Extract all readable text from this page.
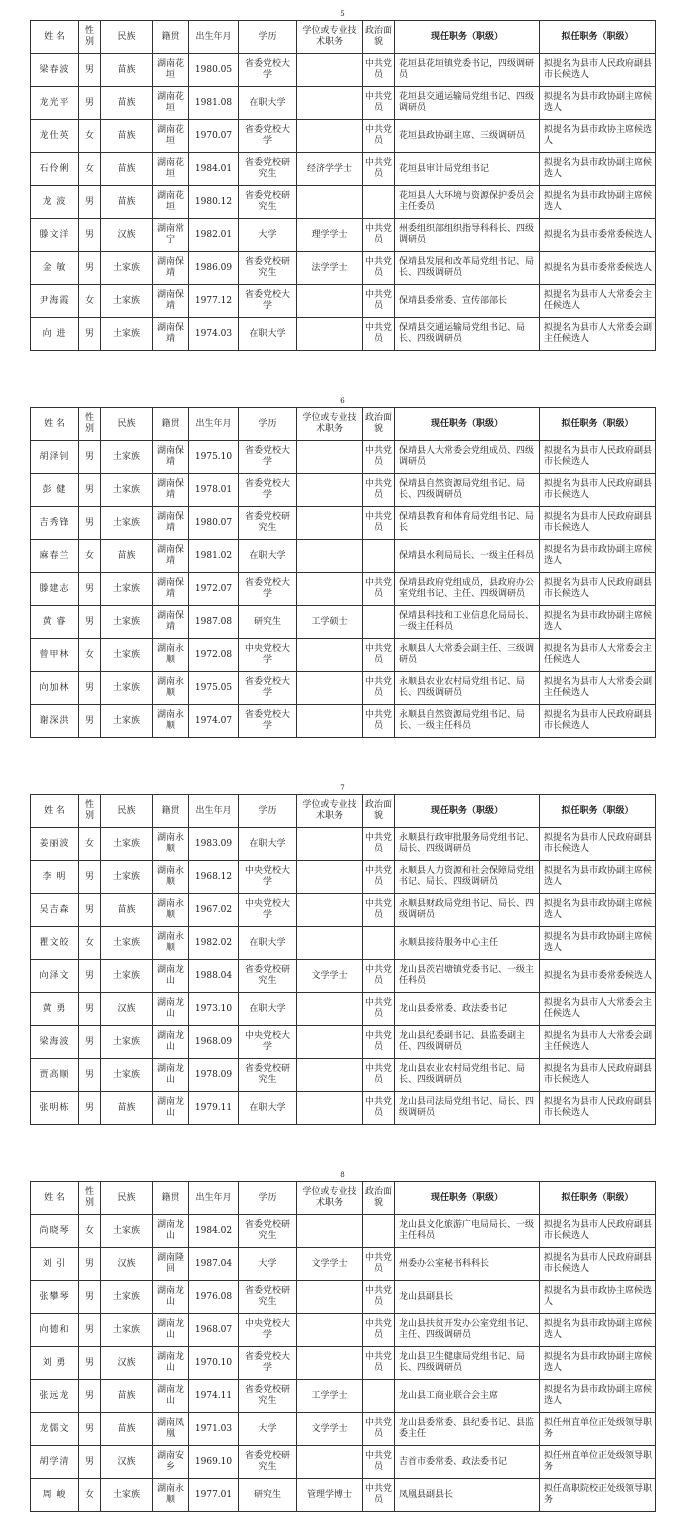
5
姓 名	性别	民族	籍贯	出生年月	学历	学位或专业技术职务	政治面貌	现任职务（职级）	拟任职务（职级）
梁春波	男	苗族	湖南花垣	1980.05	省委党校大学		中共党员	花垣县花垣镇党委书记，四级调研员	拟提名为县市人民政府副县市长候选人
龙光平	男	苗族	湖南花垣	1981.08	在职大学		中共党员	花垣县交通运输局党组书记、四级调研员	拟提名为县市政协副主席候选人
龙仕英	女	苗族	湖南花垣	1970.07	省委党校大学		中共党员	花垣县政协副主席、三级调研员	拟提名为县市政协主席候选人
石伶俐	女	苗族	湖南花垣	1984.01	省委党校研究生	经济学学士	中共党员	花垣县审计局党组书记	拟提名为县市政协副主席候选人
龙 波	男	苗族	湖南花垣	1980.12	省委党校研究生			花垣县人大环境与资源保护委员会主任委员	拟提名为县市政协副主席候选人
滕文洋	男	汉族	湖南常宁	1982.01	大学	理学学士	中共党员	州委组织部组织指导科科长、四级调研员	拟提名为县市委常委候选人
金 敏	男	土家族	湖南保靖	1986.09	省委党校研究生	法学学士	中共党员	保靖县发展和改革局党组书记、局长、四级调研员	拟提名为县市委常委候选人
尹海霞	女	土家族	湖南保靖	1977.12	省委党校大学		中共党员	保靖县委常委、宣传部部长	拟提名为县市人大常委会主任候选人
向 进	男	土家族	湖南保靖	1974.03	在职大学		中共党员	保靖县交通运输局党组书记、局长、四级调研员	拟提名为县市人大常委会副主任候选人
6
姓 名	性别	民族	籍贯	出生年月	学历	学位或专业技术职务	政治面貌	现任职务（职级）	拟任职务（职级）
胡泽钊	男	土家族	湖南保靖	1975.10	省委党校大学		中共党员	保靖县人大常委会党组成员、四级调研员	拟提名为县市人民政府副县市长候选人
彭 健	男	土家族	湖南保靖	1978.01	省委党校大学		中共党员	保靖县自然资源局党组书记、局长、四级调研员	拟提名为县市人民政府副县市长候选人
吉秀锋	男	土家族	湖南保靖	1980.07	省委党校研究生		中共党员	保靖县教育和体育局党组书记、局长	拟提名为县市人民政府副县市长候选人
麻春兰	女	苗族	湖南保靖	1981.02	在职大学			保靖县水利局局长、一级主任科员	拟提名为县市政协副主席候选人
滕建志	男	土家族	湖南保靖	1972.07	省委党校大学		中共党员	保靖县政府党组成员，县政府办公室党组书记、主任、四级调研员	拟提名为县市人民政府副县市长候选人
黄 睿	男	土家族	湖南保靖	1987.08	研究生	工学硕士		保靖县科技和工业信息化局局长、一级主任科员	拟提名为县市政协副主席候选人
曾甲林	女	土家族	湖南永顺	1972.08	中央党校大学		中共党员	永顺县人大常委会副主任、三级调研员	拟提名为县市人大常委会主任候选人
向加林	男	土家族	湖南永顺	1975.05	省委党校大学		中共党员	永顺县农业农村局党组书记、局长、四级调研员	拟提名为县市人大常委会副主任候选人
谢深洪	男	土家族	湖南永顺	1974.07	省委党校大学		中共党员	永顺县自然资源局党组书记、局长、一级主任科员	拟提名为县市人民政府副县市长候选人
7
姓 名	性别	民族	籍贯	出生年月	学历	学位或专业技术职务	政治面貌	现任职务（职级）	拟任职务（职级）
姜丽波	女	土家族	湖南永顺	1983.09	在职大学		中共党员	永顺县行政审批服务局党组书记、局长、四级调研员	拟提名为县市人民政府副县市长候选人
李 明	男	土家族	湖南永顺	1968.12	中央党校大学		中共党员	永顺县人力资源和社会保障局党组书记、局长、四级调研员	拟提名为县市政协副主席候选人
吴吉森	男	苗族	湖南永顺	1967.02	中央党校大学		中共党员	永顺县财政局党组书记、局长、四级调研员	拟提名为县市政协副主席候选人
瞿文皎	女	土家族	湖南永顺	1982.02	在职大学			永顺县接待服务中心主任	拟提名为县市政协副主席候选人
向泽文	男	土家族	湖南龙山	1988.04	省委党校研究生	文学学士	中共党员	龙山县茨岩塘镇党委书记、一级主任科员	拟提名为县市委常委候选人
黄 勇	男	汉族	湖南龙山	1973.10	在职大学		中共党员	龙山县委常委、政法委书记	拟提名为县市人大常委会主任候选人
梁海波	男	土家族	湖南龙山	1968.09	中央党校大学		中共党员	龙山县纪委副书记、县监委副主任、四级调研员	拟提名为县市人大常委会副主任候选人
贾高顺	男	土家族	湖南龙山	1978.09	省委党校研究生		中共党员	龙山县农业农村局党组书记、局长、四级调研员	拟提名为县市人民政府副县市长候选人
张明栋	男	苗族	湖南龙山	1979.11	在职大学		中共党员	龙山县司法局党组书记、局长、四级调研员	拟提名为县市人民政府副县市长候选人
8
姓 名	性别	民族	籍贯	出生年月	学历	学位或专业技术职务	政治面貌	现任职务（职级）	拟任职务（职级）
尚晓琴	女	土家族	湖南龙山	1984.02	省委党校研究生			龙山县文化旅游广电局局长、一级主任科员	拟提名为县市人民政府副县市长候选人
刘 引	男	汉族	湖南隆回	1987.04	大学	文学学士	中共党员	州委办公室秘书科科长	拟提名为县市人民政府副县市长候选人
张攀琴	男	土家族	湖南龙山	1976.08	省委党校研究生		中共党员	龙山县副县长	拟提名为县市政协主席候选人
向德和	男	土家族	湖南龙山	1968.07	中央党校大学		中共党员	龙山县扶贫开发办公室党组书记、主任、四级调研员	拟提名为县市政协副主席候选人
刘 勇	男	汉族	湖南龙山	1970.10	省委党校大学		中共党员	龙山县卫生健康局党组书记、局长、四级调研员	拟提名为县市政协副主席候选人
张远龙	男	苗族	湖南龙山	1974.11	省委党校研究生	工学学士		龙山县工商业联合会主席	拟提名为县市政协副主席候选人
龙儒文	男	苗族	湖南凤凰	1971.03	大学	文学学士	中共党员	龙山县委常委、县纪委书记、县监委主任	拟任州直单位正处级领导职务
胡学清	男	汉族	湖南安乡	1969.10	省委党校研究生		中共党员	吉首市委常委、政法委书记	拟任州直单位正处级领导职务
周 峻	女	土家族	湖南永顺	1977.01	研究生	管理学博士	中共党员	凤凰县副县长	拟任高职院校正处级领导职务
